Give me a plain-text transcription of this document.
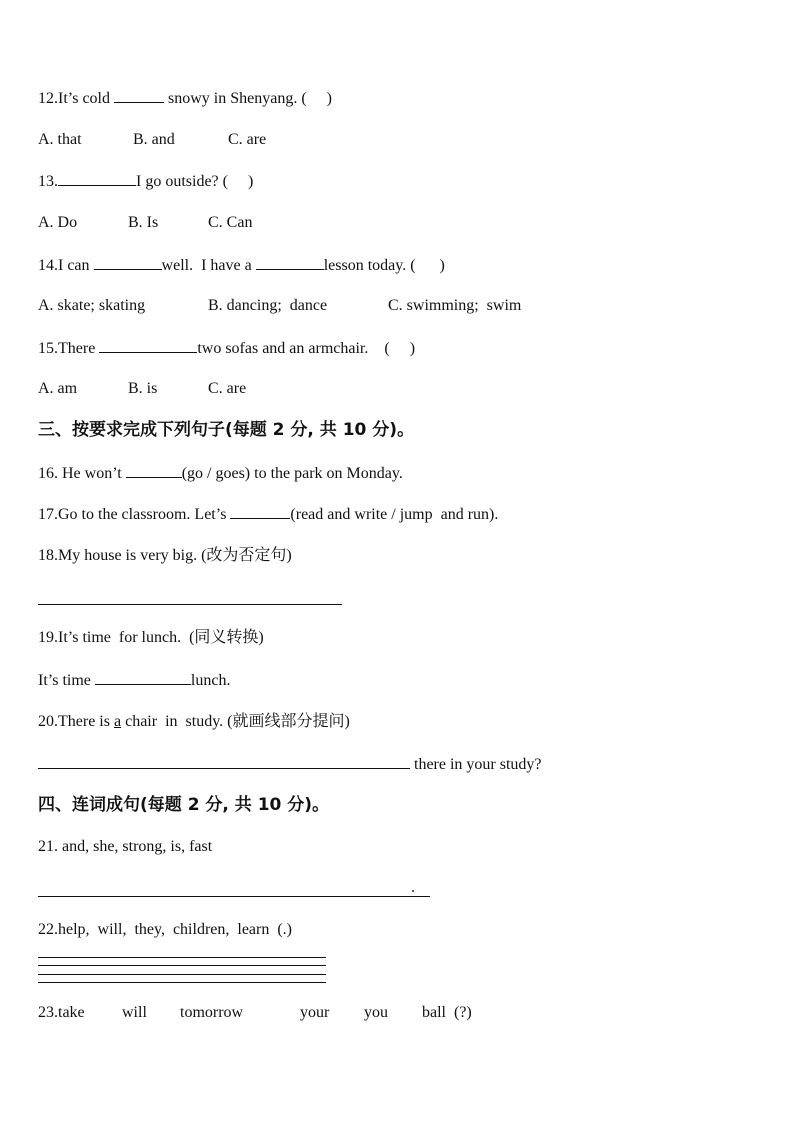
12.It’s cold	snowy in Shenyang. (     )
A. that	B. and	C. are
13.	I go outside? (     )
A. Do	B. Is	C. Can
14.I can	well.  I have a	lesson today. (      )
A. skate; skating	B. dancing;  dance	C. swimming;  swim
15.There	two sofas and an armchair.    (     )
A. am	B. is	C. are
三、按要求完成下列句子(每题 2 分, 共 10 分)。
16. He won’t	(go / goes) to the park on Monday.
17.Go to the classroom. Let’s	(read and write / jump  and run).
18.My house is very big. (改为否定句)
19.It’s time  for lunch.  (同义转换)
It’s time	lunch.
20.There is a chair  in  study. (就画线部分提问)
there in your study?
四、连词成句(每题 2 分, 共 10 分)。
21. and, she, strong, is, fast
.
22.help,  will,  they,  children,  learn  (.)
23.take will tomorrow	your you ball  (?)
